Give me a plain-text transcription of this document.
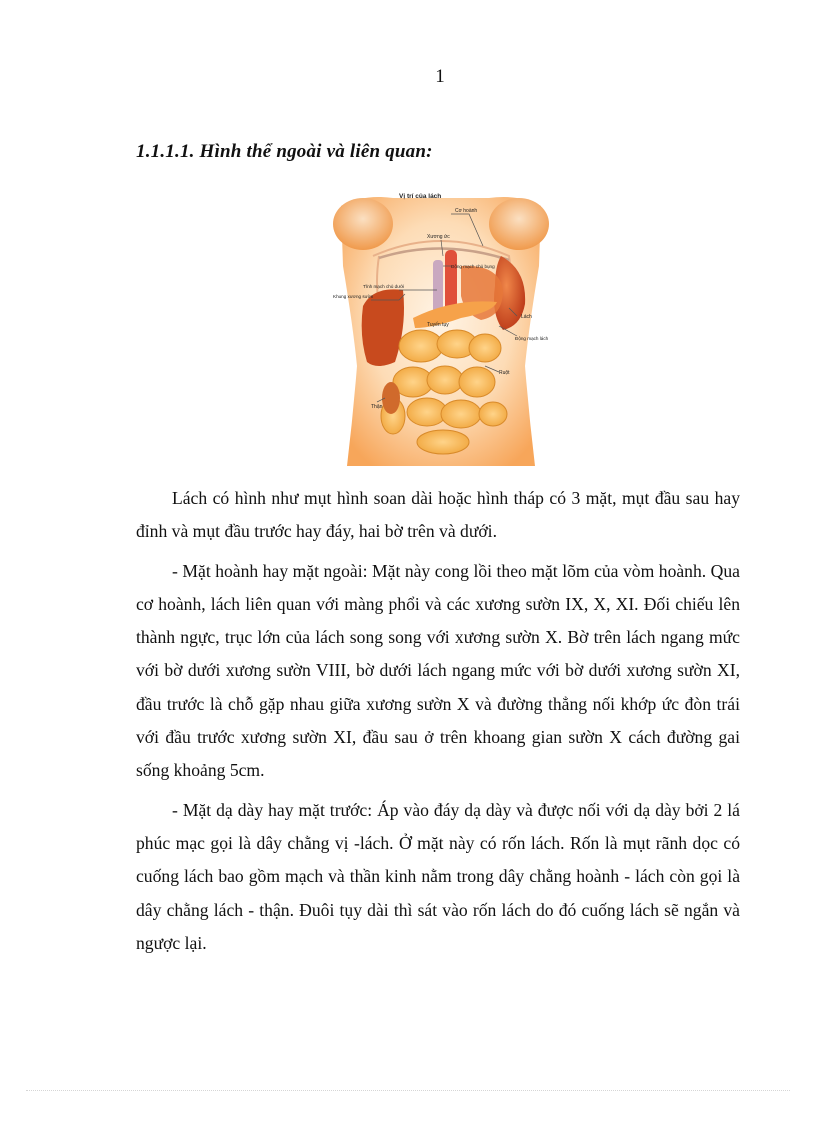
1
1.1.1.1. Hình thể ngoài và liên quan:
Vị trí của lách
Cơ hoành
Xương ức
Động mạch chủ bụng
Tĩnh mạch chủ dưới
Khung xương sườn
Tuyến tụy
Lách
Động mạch lách
Ruột
Thận

Lách có hình như mụt hình soan dài hoặc hình tháp có 3 mặt, mụt đầu sau hay đỉnh và mụt đầu trước hay đáy, hai bờ trên và dưới.

- Mặt hoành hay mặt ngoài: Mặt này cong lồi theo mặt lõm của vòm hoành. Qua cơ hoành, lách liên quan với màng phổi và các xương sườn IX, X, XI. Đối chiếu lên thành ngực, trục lớn của lách song song với xương sườn X. Bờ trên lách ngang mức với bờ dưới xương sườn VIII, bờ dưới lách ngang mức với bờ dưới xương sườn XI, đầu trước là chỗ gặp nhau giữa xương sườn X và đường thẳng nối khớp ức đòn trái với đầu trước xương sườn XI, đầu sau ở trên khoang gian sườn X cách đường gai sống khoảng 5cm.

- Mặt dạ dày hay mặt trước: Áp vào đáy dạ dày và được nối với dạ dày bởi 2 lá phúc mạc gọi là dây chằng vị -lách. Ở mặt này có rốn lách. Rốn là mụt rãnh dọc có cuống lách bao gồm mạch và thần kinh nằm trong dây chằng hoành - lách còn gọi là dây chằng lách - thận. Đuôi tụy dài thì sát vào rốn lách do đó cuống lách sẽ ngắn và ngược lại.
